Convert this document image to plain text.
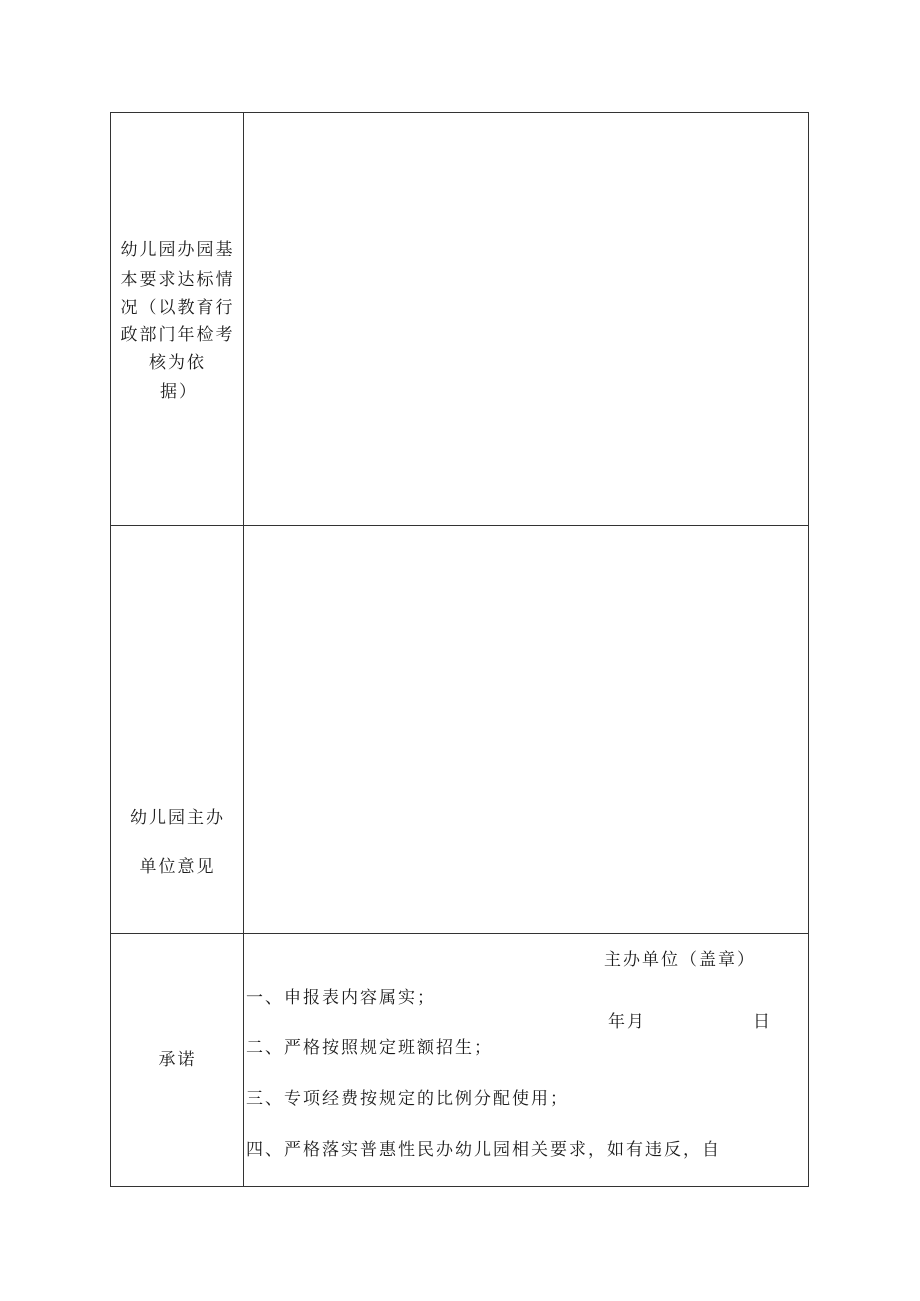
幼儿园办园基
本要求达标情
况（以教育行
政部门年检考
核为依
据）
幼儿园主办
单位意见
主办单位（盖章）
年月	日
承诺
一、申报表内容属实；
二、严格按照规定班额招生；
三、专项经费按规定的比例分配使用；
四、严格落实普惠性民办幼儿园相关要求，如有违反，自
